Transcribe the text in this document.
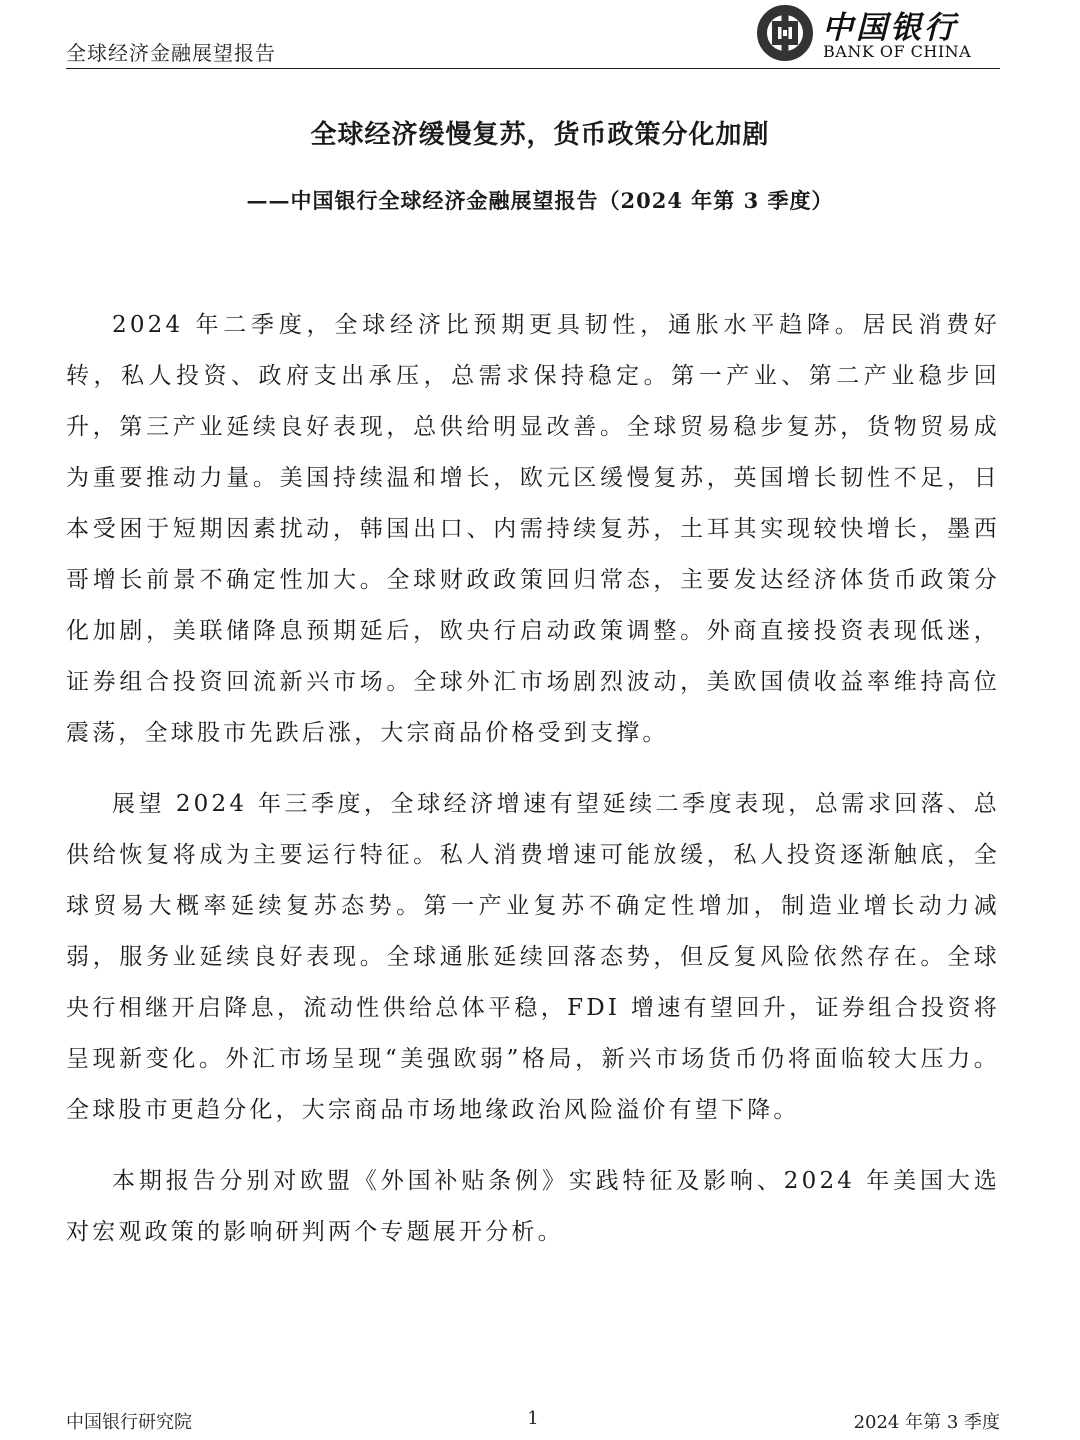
全球经济金融展望报告
中国银行
BANK OF CHINA
全球经济缓慢复苏，货币政策分化加剧
——中国银行全球经济金融展望报告（2024 年第 3 季度）

2024 年二季度，全球经济比预期更具韧性，通胀水平趋降。居民消费好转，私人投资、政府支出承压，总需求保持稳定。第一产业、第二产业稳步回升，第三产业延续良好表现，总供给明显改善。全球贸易稳步复苏，货物贸易成为重要推动力量。美国持续温和增长，欧元区缓慢复苏，英国增长韧性不足，日本受困于短期因素扰动，韩国出口、内需持续复苏，土耳其实现较快增长，墨西哥增长前景不确定性加大。全球财政政策回归常态，主要发达经济体货币政策分化加剧，美联储降息预期延后，欧央行启动政策调整。外商直接投资表现低迷，证券组合投资回流新兴市场。全球外汇市场剧烈波动，美欧国债收益率维持高位震荡，全球股市先跌后涨，大宗商品价格受到支撑。

展望 2024 年三季度，全球经济增速有望延续二季度表现，总需求回落、总供给恢复将成为主要运行特征。私人消费增速可能放缓，私人投资逐渐触底，全球贸易大概率延续复苏态势。第一产业复苏不确定性增加，制造业增长动力减弱，服务业延续良好表现。全球通胀延续回落态势，但反复风险依然存在。全球央行相继开启降息，流动性供给总体平稳，FDI 增速有望回升，证券组合投资将呈现新变化。外汇市场呈现“美强欧弱”格局，新兴市场货币仍将面临较大压力。全球股市更趋分化，大宗商品市场地缘政治风险溢价有望下降。

本期报告分别对欧盟《外国补贴条例》实践特征及影响、2024 年美国大选对宏观政策的影响研判两个专题展开分析。

中国银行研究院	1	2024 年第 3 季度
